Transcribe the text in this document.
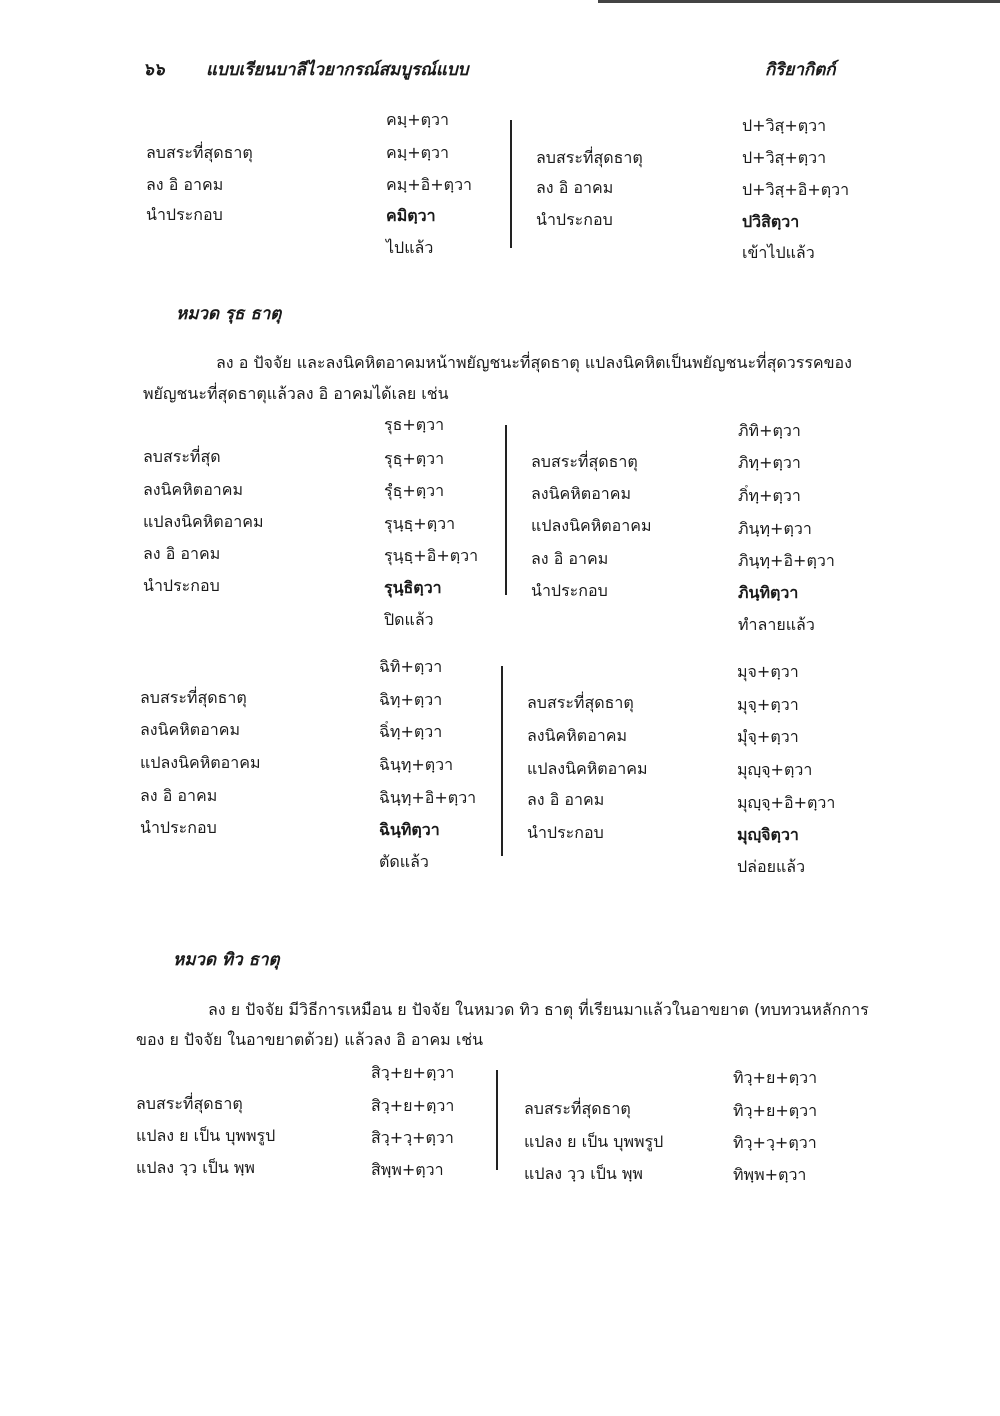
๖๖ แบบเรียนบาลีไวยากรณ์สมบูรณ์แบบ	กิริยากิตก์
คมฺ+ตฺวา
ลบสระที่สุดธาตุ	คมฺ+ตฺวา
ลง อิ อาคม	คมฺ+อิ+ตฺวา
นำประกอบ	คมิตฺวา
ไปแล้ว
ป+วิสฺ+ตฺวา
ลบสระที่สุดธาตุ	ป+วิสฺ+ตฺวา
ลง อิ อาคม	ป+วิสฺ+อิ+ตฺวา
นำประกอบ	ปวิสิตฺวา
เข้าไปแล้ว
หมวด รุธ ธาตุ
ลง อ ปัจจัย และลงนิคหิตอาคมหน้าพยัญชนะที่สุดธาตุ แปลงนิคหิตเป็นพยัญชนะที่สุดวรรคของ
พยัญชนะที่สุดธาตุแล้วลง อิ อาคมได้เลย เช่น
รุธ+ตฺวา
ลบสระที่สุด	รุธฺ+ตฺวา
ลงนิคหิตอาคม	รุํธฺ+ตฺวา
แปลงนิคหิตอาคม	รุนฺธฺ+ตฺวา
ลง อิ อาคม	รุนฺธฺ+อิ+ตฺวา
นำประกอบ	รุนฺธิตฺวา
ปิดแล้ว
ภิทิ+ตฺวา
ลบสระที่สุดธาตุ	ภิทฺ+ตฺวา
ลงนิคหิตอาคม	ภิํทฺ+ตฺวา
แปลงนิคหิตอาคม	ภินฺทฺ+ตฺวา
ลง อิ อาคม	ภินฺทฺ+อิ+ตฺวา
นำประกอบ	ภินฺทิตฺวา
ทำลายแล้ว
ฉิทิ+ตฺวา
ลบสระที่สุดธาตุ	ฉิทฺ+ตฺวา
ลงนิคหิตอาคม	ฉิํทฺ+ตฺวา
แปลงนิคหิตอาคม	ฉินฺทฺ+ตฺวา
ลง อิ อาคม	ฉินฺทฺ+อิ+ตฺวา
นำประกอบ	ฉินฺทิตฺวา
ตัดแล้ว
มุจ+ตฺวา
ลบสระที่สุดธาตุ	มุจฺ+ตฺวา
ลงนิคหิตอาคม	มุํจฺ+ตฺวา
แปลงนิคหิตอาคม	มุญฺจฺ+ตฺวา
ลง อิ อาคม	มุญฺจฺ+อิ+ตฺวา
นำประกอบ	มุญฺจิตฺวา
ปล่อยแล้ว
หมวด ทิว ธาตุ
ลง ย ปัจจัย มีวิธีการเหมือน ย ปัจจัย ในหมวด ทิว ธาตุ ที่เรียนมาแล้วในอาขยาต (ทบทวนหลักการ
ของ ย ปัจจัย ในอาขยาตด้วย) แล้วลง อิ อาคม เช่น
สิวฺ+ย+ตฺวา
ลบสระที่สุดธาตุ	สิวฺ+ย+ตฺวา
แปลง ย เป็น บุพพรูป	สิวฺ+วฺ+ตฺวา
แปลง วฺว เป็น พฺพ	สิพฺพ+ตฺวา
ทิวฺ+ย+ตฺวา
ลบสระที่สุดธาตุ	ทิวฺ+ย+ตฺวา
แปลง ย เป็น บุพพรูป	ทิวฺ+วฺ+ตฺวา
แปลง วฺว เป็น พฺพ	ทิพฺพ+ตฺวา
